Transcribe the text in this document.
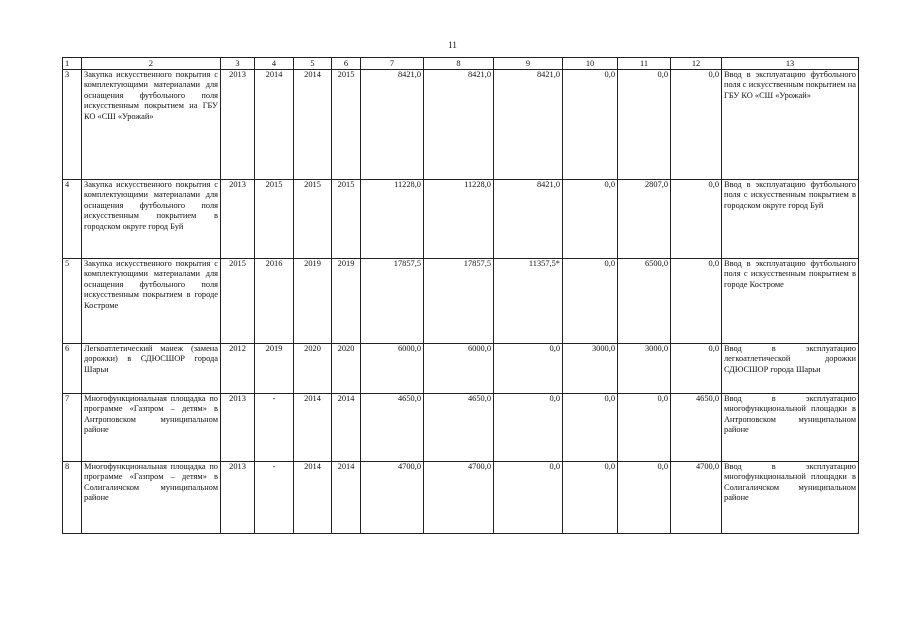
11
1	2	3	4	5	6	7	8	9	10	11	12	13
3	Закупка искусственного покрытия с комплектующими материалами для оснащения футбольного поля искусственным покрытием на ГБУ КО «СШ «Урожай»	2013	2014	2014	2015	8421,0	8421,0	8421,0	0,0	0,0	0,0	Ввод в эксплуатацию футбольного поля с искусственным покрытием на ГБУ КО «СШ «Урожай»
4	Закупка искусственного покрытия с комплектующими материалами для оснащения футбольного поля искусственным покрытием в городском округе город Буй	2013	2015	2015	2015	11228,0	11228,0	8421,0	0,0	2807,0	0,0	Ввод в эксплуатацию футбольного поля с искусственным покрытием в городском округе город Буй
5	Закупка искусственного покрытия с комплектующими материалами для оснащения футбольного поля искусственным покрытием в городе Костроме	2015	2016	2019	2019	17857,5	17857,5	11357,5*	0,0	6500,0	0,0	Ввод в эксплуатацию футбольного поля с искусственным покрытием в городе Костроме
6	Легкоатлетический манеж (замена дорожки) в СДЮСШОР города Шарьи	2012	2019	2020	2020	6000,0	6000,0	0,0	3000,0	3000,0	0,0	Ввод в эксплуатацию легкоатлетической дорожки СДЮСШОР города Шарьи
7	Многофункциональная площадка по программе «Газпром – детям» в Антроповском муниципальном районе	2013	-	2014	2014	4650,0	4650,0	0,0	0,0	0,0	4650,0	Ввод в эксплуатацию многофункциональной площадки в Антроповском муниципальном районе
8	Многофункциональная площадка по программе «Газпром – детям» в Солигаличском муниципальном районе	2013	-	2014	2014	4700,0	4700,0	0,0	0,0	0,0	4700,0	Ввод в эксплуатацию многофункциональной площадки в Солигаличском муниципальном районе
